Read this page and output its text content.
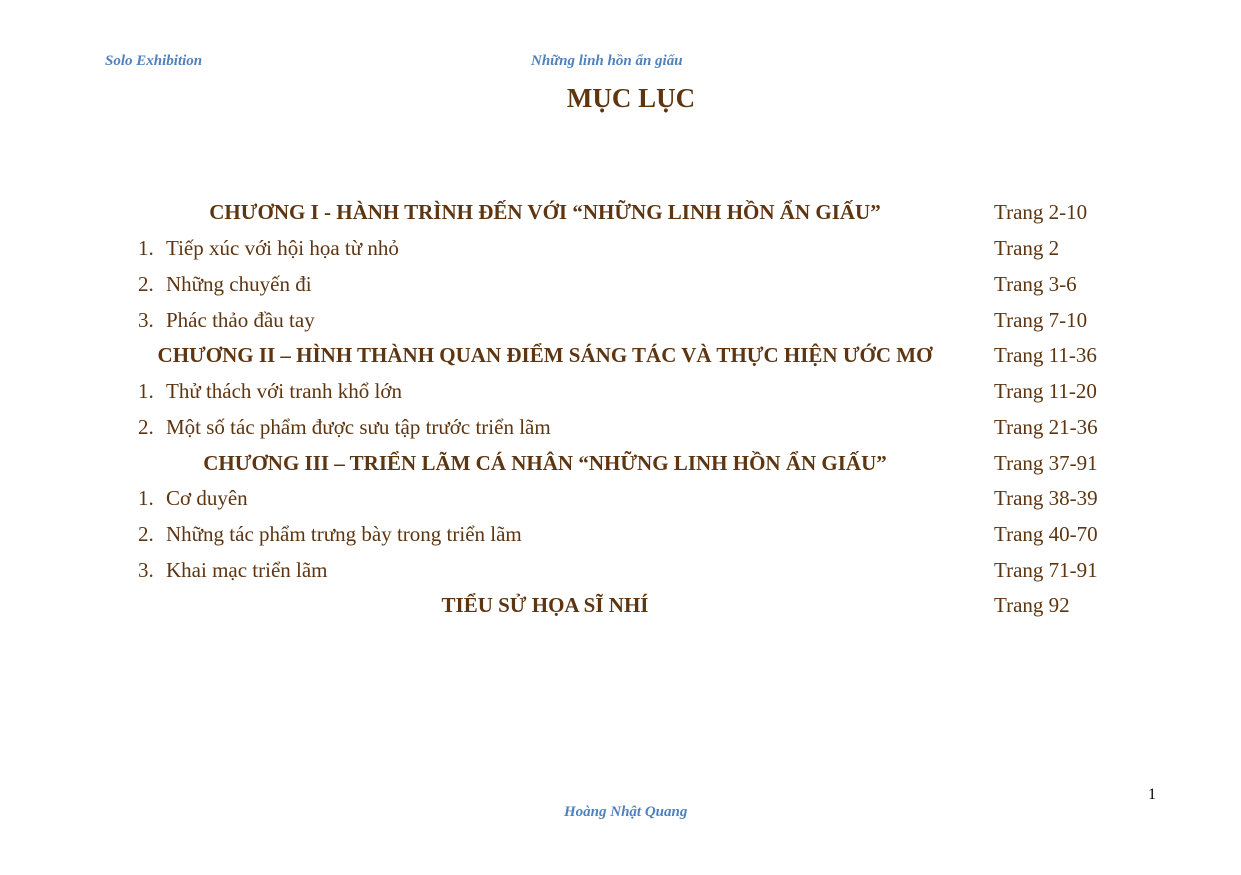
Solo Exhibition	Những linh hồn ẩn giấu
MỤC LỤC
CHƯƠNG I - HÀNH TRÌNH ĐẾN VỚI “NHỮNG LINH HỒN ẨN GIẤU”	Trang 2-10
1. Tiếp xúc với hội họa từ nhỏ	Trang 2
2. Những chuyến đi	Trang 3-6
3. Phác thảo đầu tay	Trang 7-10
CHƯƠNG II – HÌNH THÀNH QUAN ĐIỂM SÁNG TÁC VÀ THỰC HIỆN ƯỚC MƠ	Trang 11-36
1. Thử thách với tranh khổ lớn	Trang 11-20
2. Một số tác phẩm được sưu tập trước triển lãm	Trang 21-36
CHƯƠNG III – TRIỂN LÃM CÁ NHÂN “NHỮNG LINH HỒN ẨN GIẤU”	Trang 37-91
1. Cơ duyên	Trang 38-39
2. Những tác phẩm trưng bày trong triển lãm	Trang 40-70
3. Khai mạc triển lãm	Trang 71-91
TIỂU SỬ HỌA SĨ NHÍ	Trang 92
1
Hoàng Nhật Quang
